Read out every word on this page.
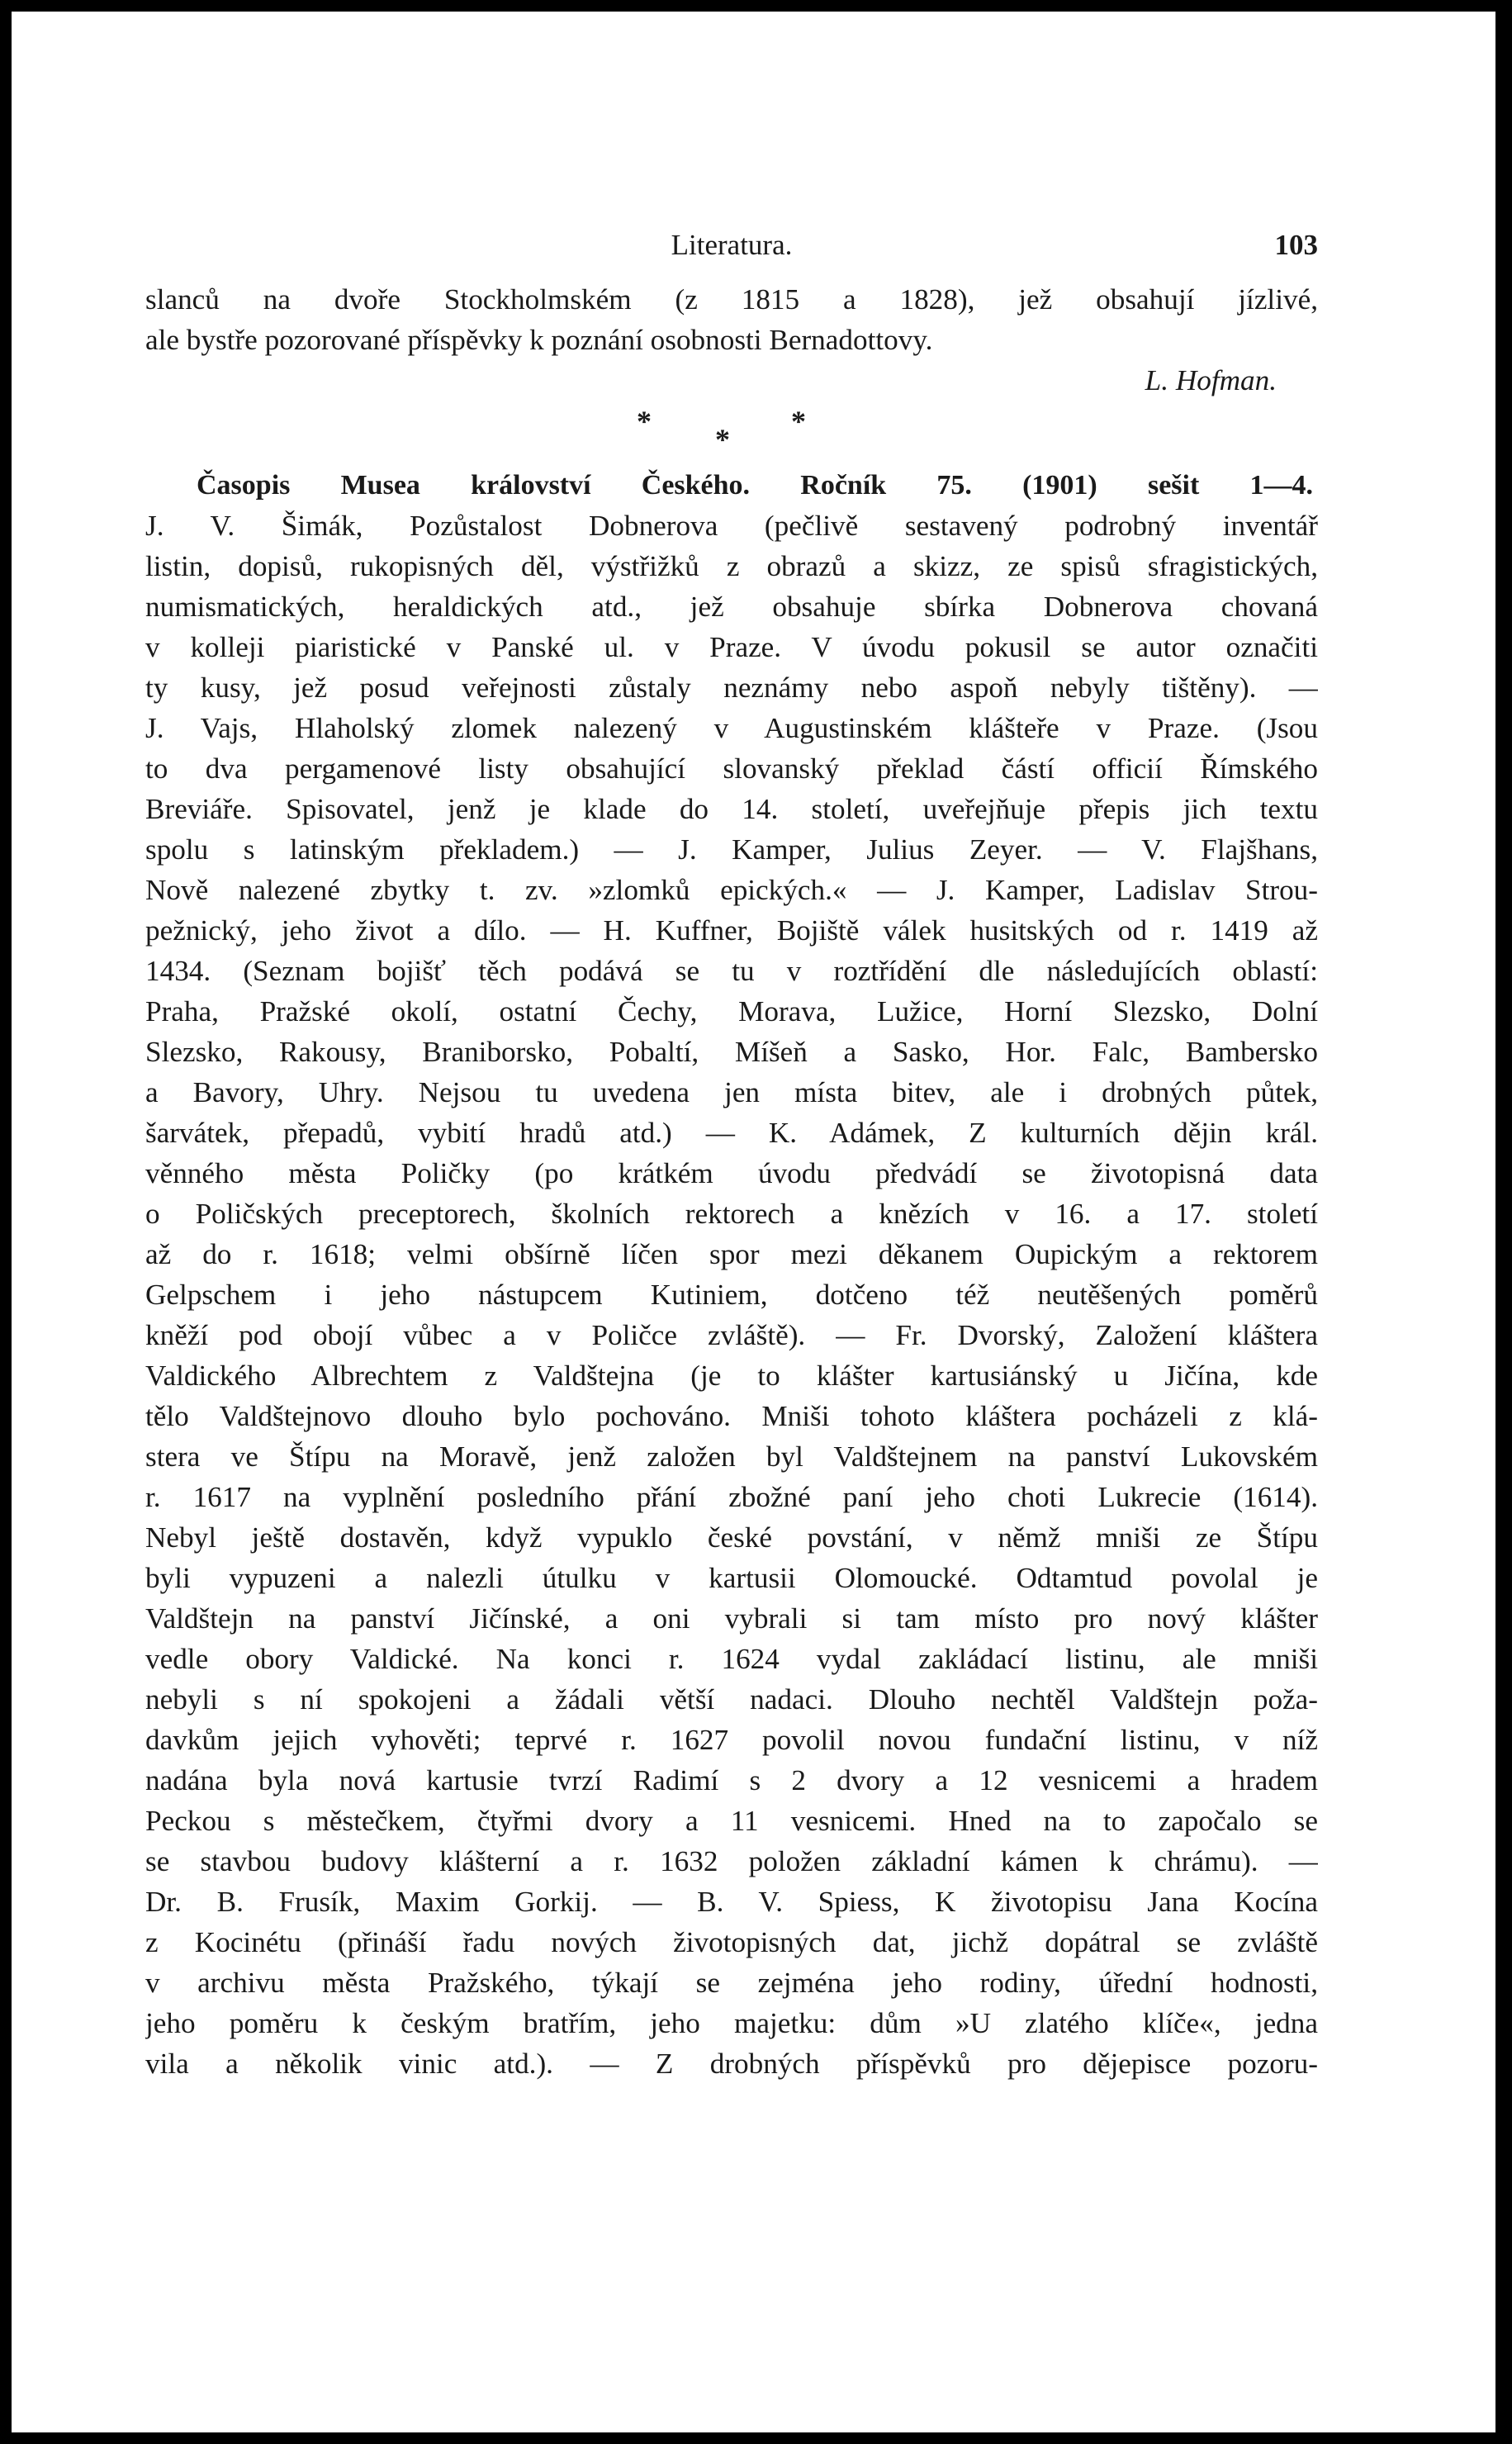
Literatura.	103
slanců na dvoře Stockholmském (z 1815 a 1828), jež obsahují jízlivé,
ale bystře pozorované příspěvky k poznání osobnosti Bernadottovy.
L. Hofman.
*	*
*
Časopis Musea království Českého. Ročník 75. (1901) sešit 1—4.
J. V. Šimák, Pozůstalost Dobnerova (pečlivě sestavený podrobný inventář
listin, dopisů, rukopisných děl, výstřižků z obrazů a skizz, ze spisů sfragistických,
numismatických, heraldických atd., jež obsahuje sbírka Dobnerova chovaná
v kolleji piaristické v Panské ul. v Praze. V úvodu pokusil se autor označiti
ty kusy, jež posud veřejnosti zůstaly neznámy nebo aspoň nebyly tištěny). —
J. Vajs, Hlaholský zlomek nalezený v Augustinském klášteře v Praze. (Jsou
to dva pergamenové listy obsahující slovanský překlad částí officií Římského
Breviáře. Spisovatel, jenž je klade do 14. století, uveřejňuje přepis jich textu
spolu s latinským překladem.) — J. Kamper, Julius Zeyer. — V. Flajšhans,
Nově nalezené zbytky t. zv. »zlomků epických.« — J. Kamper, Ladislav Strou-
pežnický, jeho život a dílo. — H. Kuffner, Bojiště válek husitských od r. 1419 až
1434. (Seznam bojišť těch podává se tu v roztřídění dle následujících oblastí:
Praha, Pražské okolí, ostatní Čechy, Morava, Lužice, Horní Slezsko, Dolní
Slezsko, Rakousy, Braniborsko, Pobaltí, Míšeň a Sasko, Hor. Falc, Bambersko
a Bavory, Uhry. Nejsou tu uvedena jen místa bitev, ale i drobných půtek,
šarvátek, přepadů, vybití hradů atd.) — K. Adámek, Z kulturních dějin král.
věnného města Poličky (po krátkém úvodu předvádí se životopisná data
o Poličských preceptorech, školních rektorech a knězích v 16. a 17. století
až do r. 1618; velmi obšírně líčen spor mezi děkanem Oupickým a rektorem
Gelpschem i jeho nástupcem Kutiniem, dotčeno též neutěšených poměrů
kněží pod obojí vůbec a v Poličce zvláště). — Fr. Dvorský, Založení kláštera
Valdického Albrechtem z Valdštejna (je to klášter kartusiánský u Jičína, kde
tělo Valdštejnovo dlouho bylo pochováno. Mniši tohoto kláštera pocházeli z klá-
stera ve Štípu na Moravě, jenž založen byl Valdštejnem na panství Lukovském
r. 1617 na vyplnění posledního přání zbožné paní jeho choti Lukrecie (1614).
Nebyl ještě dostavěn, když vypuklo české povstání, v němž mniši ze Štípu
byli vypuzeni a nalezli útulku v kartusii Olomoucké. Odtamtud povolal je
Valdštejn na panství Jičínské, a oni vybrali si tam místo pro nový klášter
vedle obory Valdické. Na konci r. 1624 vydal zakládací listinu, ale mniši
nebyli s ní spokojeni a žádali větší nadaci. Dlouho nechtěl Valdštejn poža-
davkům jejich vyhověti; teprvé r. 1627 povolil novou fundační listinu, v níž
nadána byla nová kartusie tvrzí Radimí s 2 dvory a 12 vesnicemi a hradem
Peckou s městečkem, čtyřmi dvory a 11 vesnicemi. Hned na to započalo se
se stavbou budovy klášterní a r. 1632 položen základní kámen k chrámu). —
Dr. B. Frusík, Maxim Gorkij. — B. V. Spiess, K životopisu Jana Kocína
z Kocinétu (přináší řadu nových životopisných dat, jichž dopátral se zvláště
v archivu města Pražského, týkají se zejména jeho rodiny, úřední hodnosti,
jeho poměru k českým bratřím, jeho majetku: dům »U zlatého klíče«, jedna
vila a několik vinic atd.). — Z drobných příspěvků pro dějepisce pozoru-
